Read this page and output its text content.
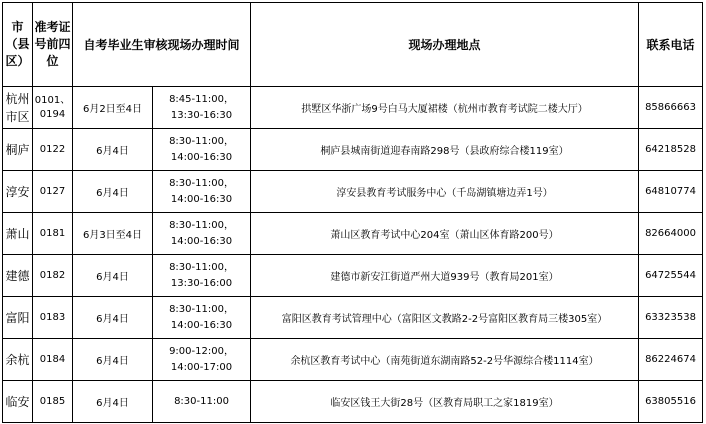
市（县区）	准考证号前四位	自考毕业生审核现场办理时间		现场办理地点	联系电话
杭州市区	0101、0194	6月2日至4日	8:45-11:00，
13:30-16:30	拱墅区华浙广场9号白马大厦裙楼（杭州市教育考试院二楼大厅）	85866663
桐庐	0122	6月4日	8:30-11:00，
14:00-16:30	桐庐县城南街道迎春南路298号（县政府综合楼119室）	64218528
淳安	0127	6月4日	8:30-11:00，
14:00-16:30	淳安县教育考试服务中心（千岛湖镇塘边弄1号）	64810774
萧山	0181	6月3日至4日	8:30-11:00，
14:00-16:30	萧山区教育考试中心204室（萧山区体育路200号）	82664000
建德	0182	6月4日	8:30-11:00，
13:30-16:00	建德市新安江街道严州大道939号（教育局201室）	64725544
富阳	0183	6月4日	8:30-11:00，
14:00-16:30	富阳区教育考试管理中心（富阳区文教路2-2号富阳区教育局三楼305室）	63323538
余杭	0184	6月4日	9:00-12:00，
14:00-17:00	余杭区教育考试中心（南苑街道东湖南路52-2号华源综合楼1114室）	86224674
临安	0185	6月4日	8:30-11:00	临安区钱王大街28号（区教育局职工之家1819室）	63805516
